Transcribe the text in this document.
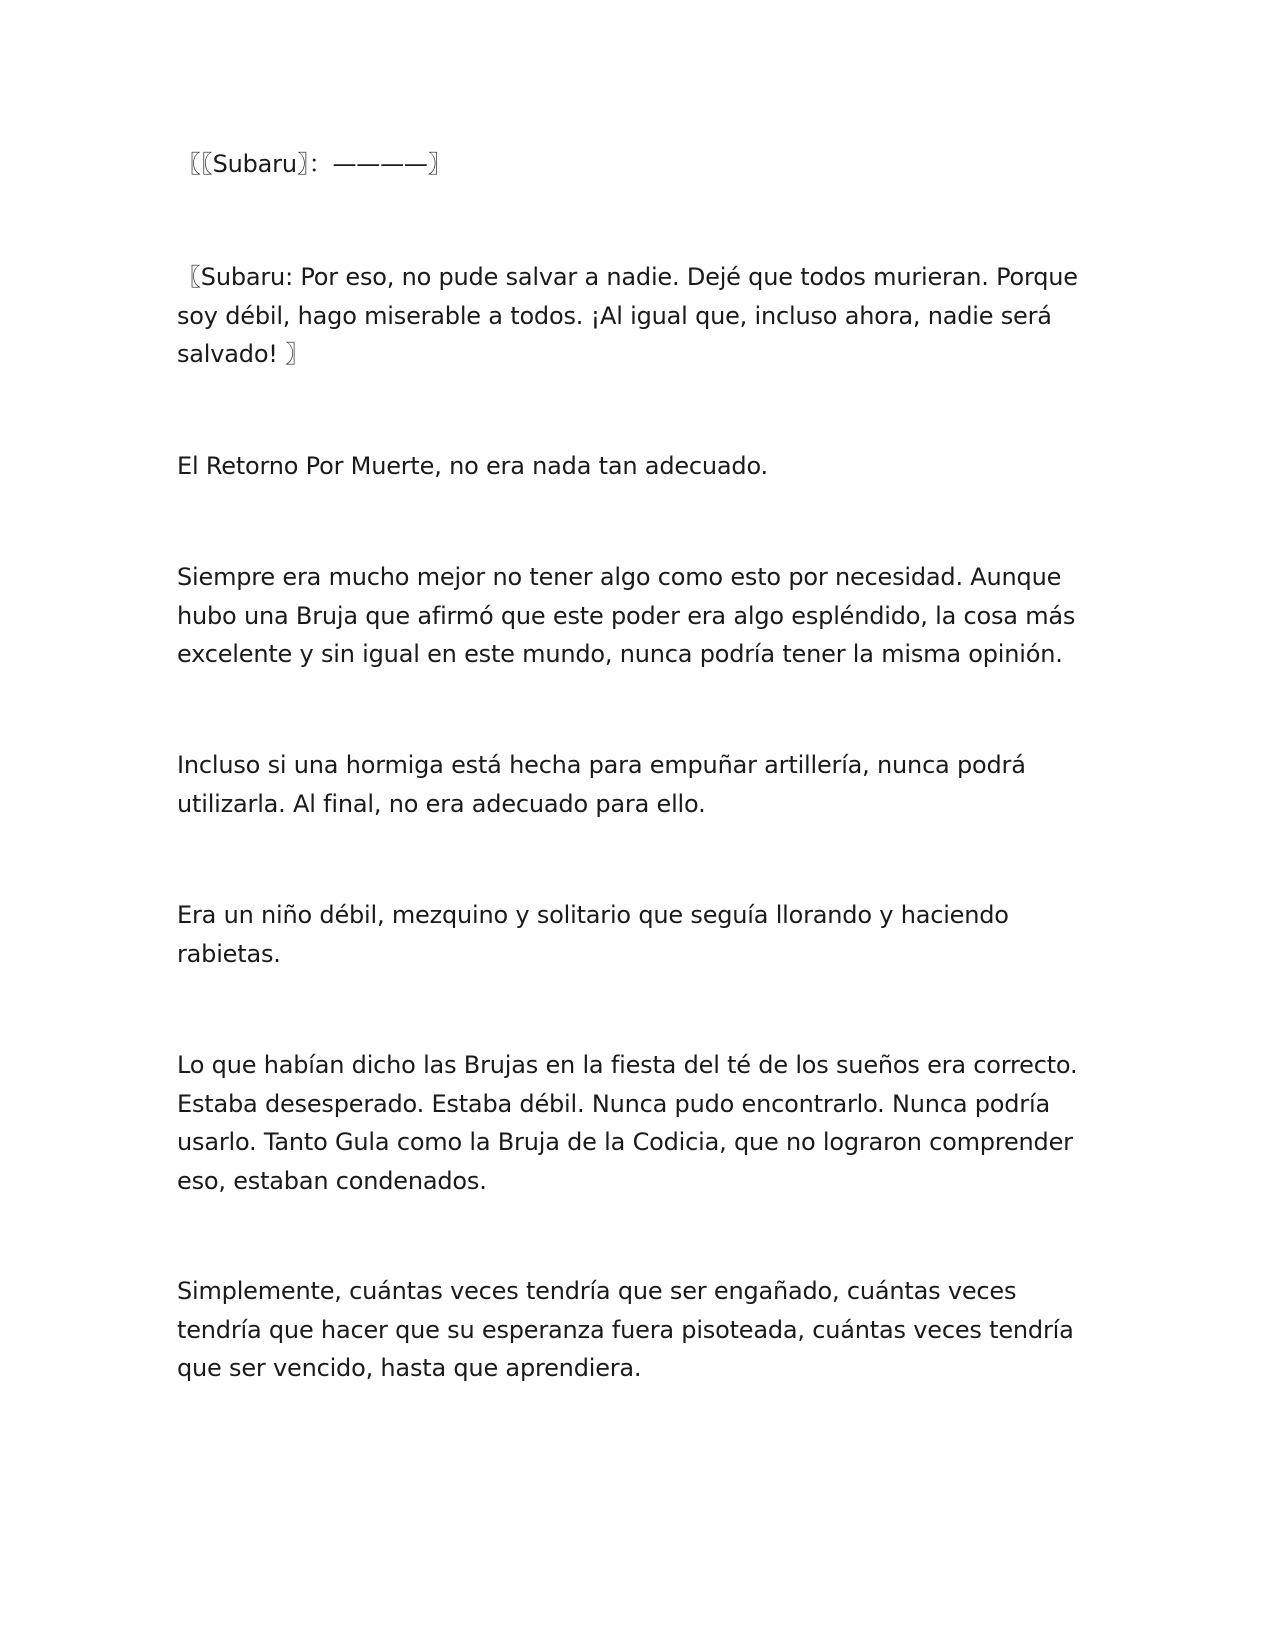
〖〖Subaru〗：————〗

〖Subaru: Por eso, no pude salvar a nadie. Dejé que todos murieran. Porque soy débil, hago miserable a todos. ¡Al igual que, incluso ahora, nadie será salvado! 〗

El Retorno Por Muerte, no era nada tan adecuado.

Siempre era mucho mejor no tener algo como esto por necesidad. Aunque hubo una Bruja que afirmó que este poder era algo espléndido, la cosa más excelente y sin igual en este mundo, nunca podría tener la misma opinión.

Incluso si una hormiga está hecha para empuñar artillería, nunca podrá utilizarla. Al final, no era adecuado para ello.

Era un niño débil, mezquino y solitario que seguía llorando y haciendo rabietas.

Lo que habían dicho las Brujas en la fiesta del té de los sueños era correcto. Estaba desesperado. Estaba débil. Nunca pudo encontrarlo. Nunca podría usarlo. Tanto Gula como la Bruja de la Codicia, que no lograron comprender eso, estaban condenados.

Simplemente, cuántas veces tendría que ser engañado, cuántas veces tendría que hacer que su esperanza fuera pisoteada, cuántas veces tendría que ser vencido, hasta que aprendiera.
